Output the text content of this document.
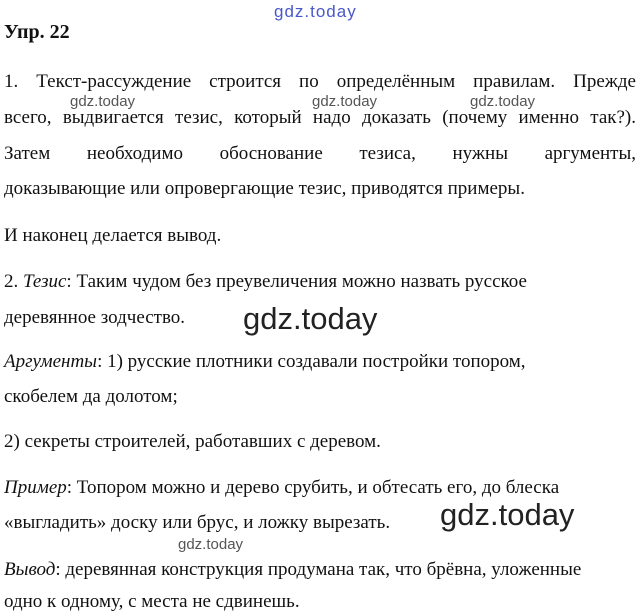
gdz.today
gdz.today	gdz.today	gdz.today
gdz.today
gdz.today
gdz.today
Упр. 22
1. Текст-рассуждение строится по определённым правилам. Прежде
всего, выдвигается тезис, который надо доказать (почему именно так?).
Затем необходимо обоснование тезиса, нужны аргументы,
доказывающие или опровергающие тезис, приводятся примеры.
И наконец делается вывод.
2. Тезис: Таким чудом без преувеличения можно назвать русское
деревянное зодчество.
Аргументы: 1) русские плотники создавали постройки топором,
скобелем да долотом;
2) секреты строителей, работавших с деревом.
Пример: Топором можно и дерево срубить, и обтесать его, до блеска
«выгладить» доску или брус, и ложку вырезать.
Вывод: деревянная конструкция продумана так, что брёвна, уложенные
одно к одному, с места не сдвинешь.
